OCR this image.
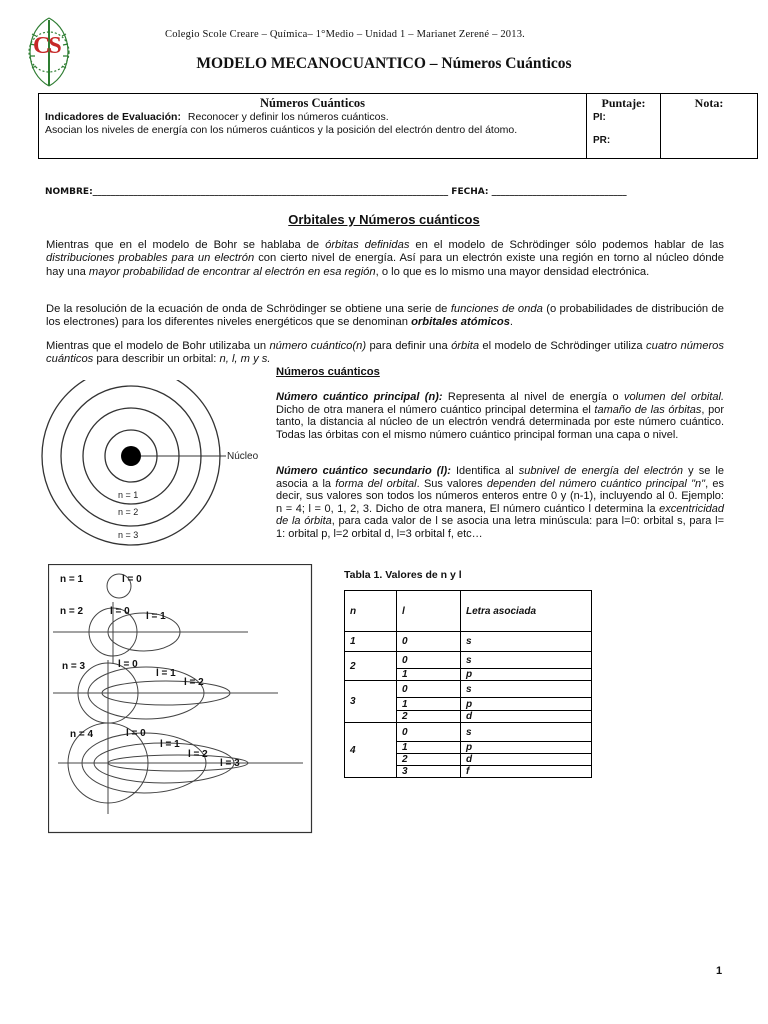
CS	Colegio Scole Creare – Química– 1°Medio – Unidad 1 – Marianet Zerené – 2013.
MODELO MECANOCUANTICO – Números Cuánticos
Números Cuánticos
Indicadores de Evaluación: Reconocer y definir los números cuánticos.
Asocian los niveles de energía con los números cuánticos y la posición del electrón dentro del átomo.
Puntaje:
PI:
PR:
Nota:
NOMBRE:_______________________________________________________________________________ FECHA: ______________________________
Orbitales y Números cuánticos
Mientras que en el modelo de Bohr se hablaba de órbitas definidas en el modelo de Schrödinger sólo podemos hablar de las distribuciones probables para un electrón con cierto nivel de energía. Así para un electrón existe una región en torno al núcleo dónde hay una mayor probabilidad de encontrar al electrón en esa región, o lo que es lo mismo una mayor densidad electrónica.
De la resolución de la ecuación de onda de Schrödinger se obtiene una serie de funciones de onda (o probabilidades de distribución de los electrones) para los diferentes niveles energéticos que se denominan orbitales atómicos.
Mientras que el modelo de Bohr utilizaba un número cuántico(n) para definir una órbita el modelo de Schrödinger utiliza cuatro números cuánticos para describir un orbital: n, l, m y s.
Números cuánticos
Número cuántico principal (n): Representa al nivel de energía o volumen del orbital. Dicho de otra manera el número cuántico principal determina el tamaño de las órbitas, por tanto, la distancia al núcleo de un electrón vendrá determinada por este número cuántico. Todas las órbitas con el mismo número cuántico principal forman una capa o nivel.
Número cuántico secundario (l): Identifica al subnivel de energía del electrón y se le asocia a la forma del orbital. Sus valores dependen del número cuántico principal "n", es decir, sus valores son todos los números enteros entre 0 y (n-1), incluyendo al 0. Ejemplo: n = 4; l = 0, 1, 2, 3. Dicho de otra manera, El número cuántico l determina la excentricidad de la órbita, para cada valor de l se asocia una letra minúscula: para l=0: orbital s, para l= 1: orbital p, l=2 orbital d, l=3 orbital f, etc…
Núcleo
n = 1
n = 2
n = 3
n = 1	l = 0
n = 2	l = 0 l = 1
n = 3	l = 0
l = 1
l = 2
n = 4	l = 0
l = 1
l = 2
l = 3
Tabla 1. Valores de n y l
n	l	Letra asociada
1	0	s
2	0	s
	1	p
3	0	s
	1	p
	2	d
4	0	s
	1	p
	2	d
	3	f
1
